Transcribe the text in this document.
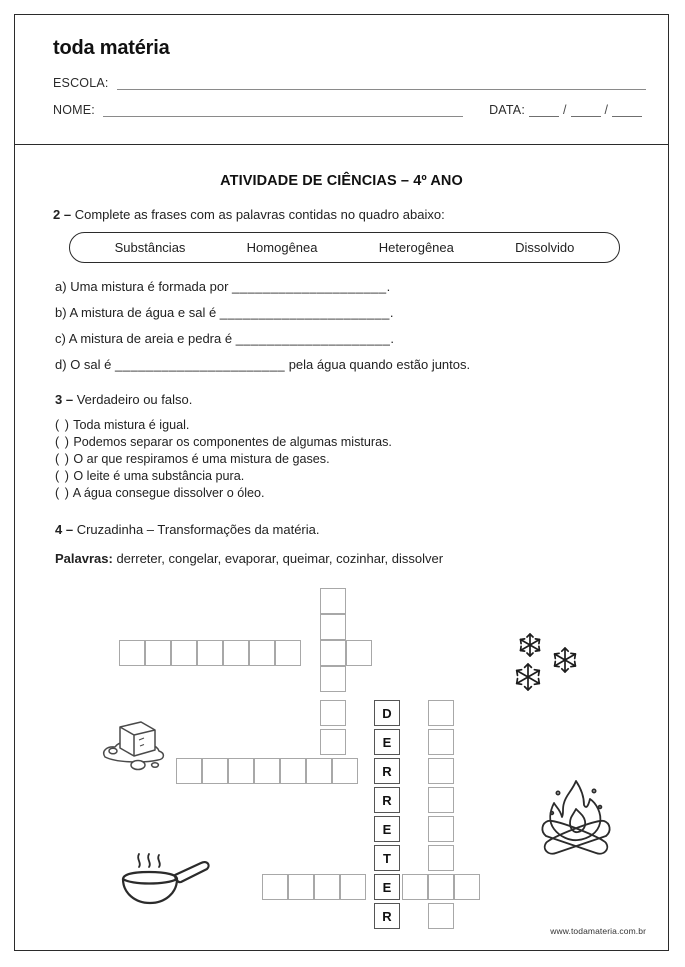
toda matéria
ESCOLA:
NOME:	DATA:	/	/
ATIVIDADE DE CIÊNCIAS – 4º ANO
2 – Complete as frases com as palavras contidas no quadro abaixo:
Substâncias	Homogênea	Heterogênea	Dissolvido
a) Uma mistura é formada por ____________________.
b) A mistura de água e sal é ______________________.
c) A mistura de areia e pedra é ____________________.
d) O sal é ______________________ pela água quando estão juntos.
3 – Verdadeiro ou falso.
( ) Toda mistura é igual.
( ) Podemos separar os componentes de algumas misturas.
( ) O ar que respiramos é uma mistura de gases.
( ) O leite é uma substância pura.
( ) A água consegue dissolver o óleo.
4 – Cruzadinha – Transformações da matéria.
Palavras: derreter, congelar, evaporar, queimar, cozinhar, dissolver
D
E
R
R
E
T
E
R
www.todamateria.com.br
